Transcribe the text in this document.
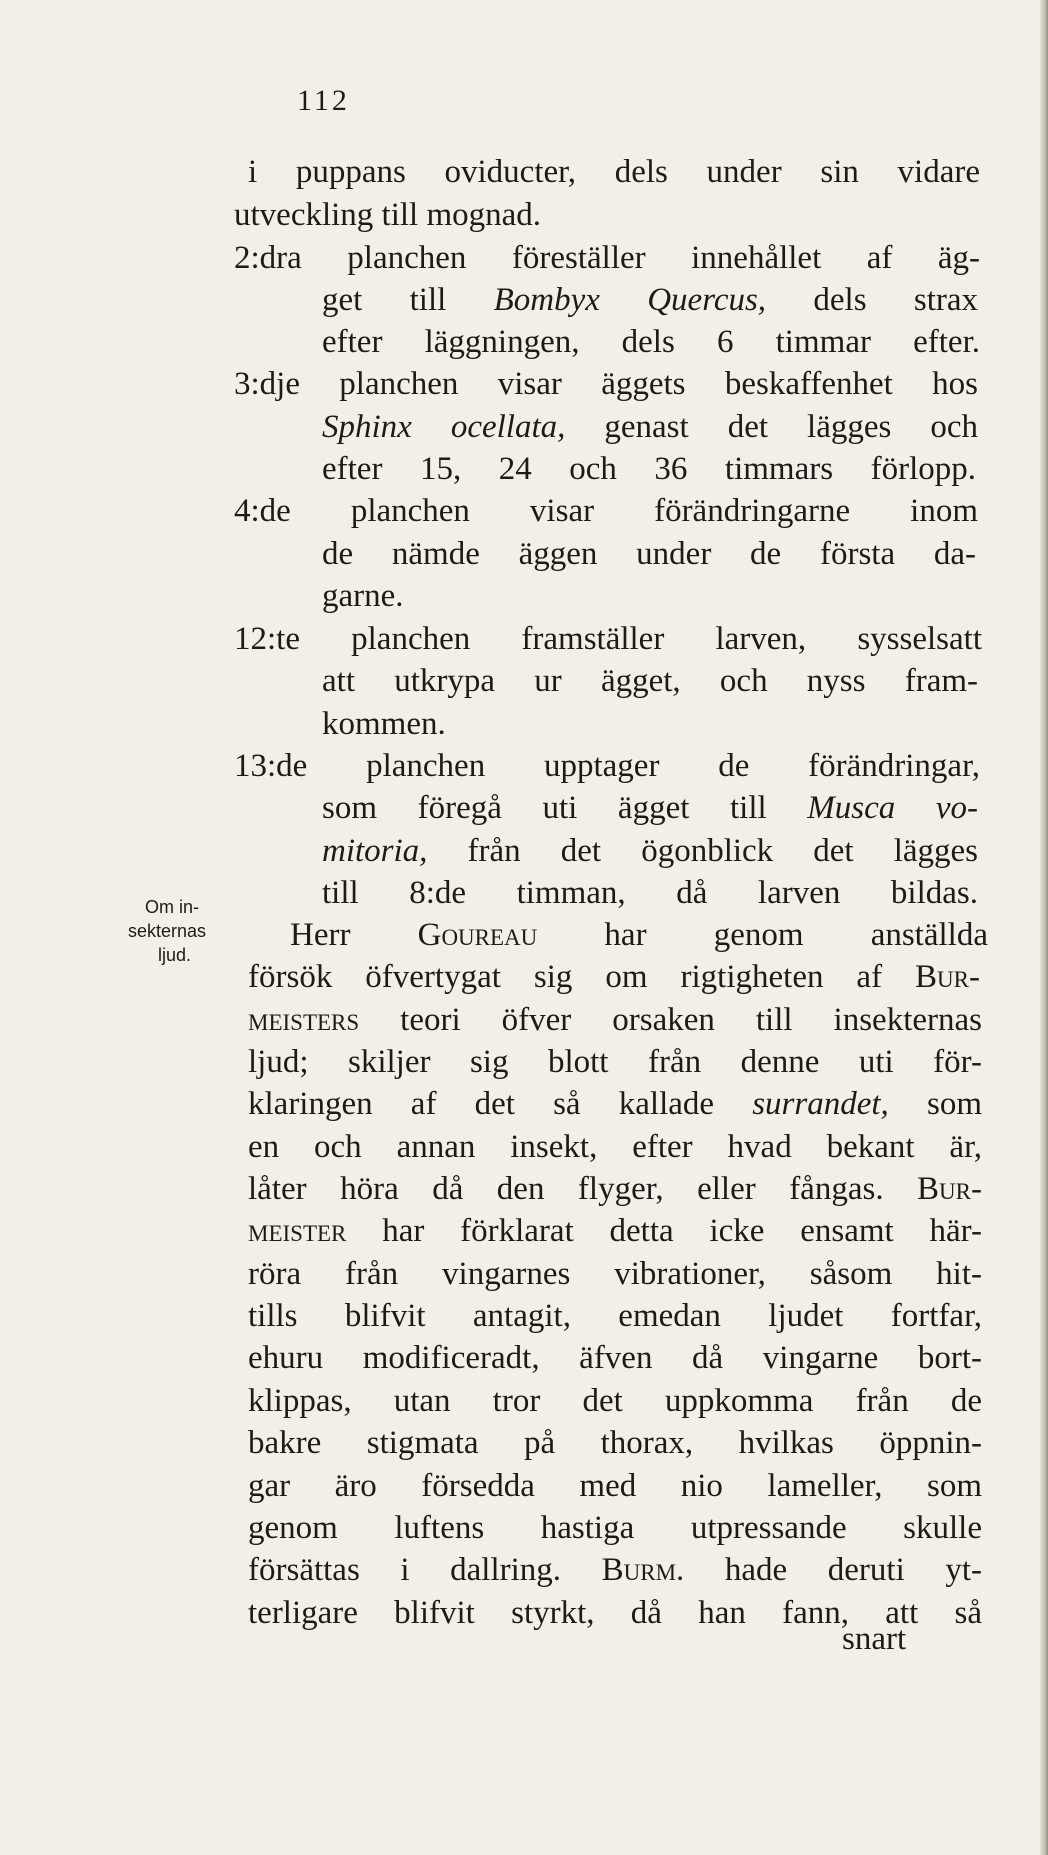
112
i puppans oviducter, dels under sin vidare
utveckling till mognad.
2:dra planchen föreställer innehållet af äg-
get till Bombyx Quercus, dels strax
efter läggningen, dels 6 timmar efter.
3:dje planchen visar äggets beskaffenhet hos
Sphinx ocellata, genast det lägges och
efter 15, 24 och 36 timmars förlopp.
4:de planchen visar förändringarne inom
de nämde äggen under de första da-
garne.
12:te planchen framställer larven, sysselsatt
att utkrypa ur ägget, och nyss fram-
kommen.
13:de planchen upptager de förändringar,
som föregå uti ägget till Musca vo-
mitoria, från det ögonblick det lägges
till 8:de timman, då larven bildas.
Herr Goureau har genom anställda
försök öfvertygat sig om rigtigheten af Bur-
meisters teori öfver orsaken till insekternas
ljud; skiljer sig blott från denne uti för-
klaringen af det så kallade surrandet, som
en och annan insekt, efter hvad bekant är,
låter höra då den flyger, eller fångas. Bur-
meister har förklarat detta icke ensamt här-
röra från vingarnes vibrationer, såsom hit-
tills blifvit antagit, emedan ljudet fortfar,
ehuru modificeradt, äfven då vingarne bort-
klippas, utan tror det uppkomma från de
bakre stigmata på thorax, hvilkas öppnin-
gar äro försedda med nio lameller, som
genom luftens hastiga utpressande skulle
försättas i dallring. Burm. hade deruti yt-
terligare blifvit styrkt, då han fann, att så
Om in-
sekternas
ljud.
snart
